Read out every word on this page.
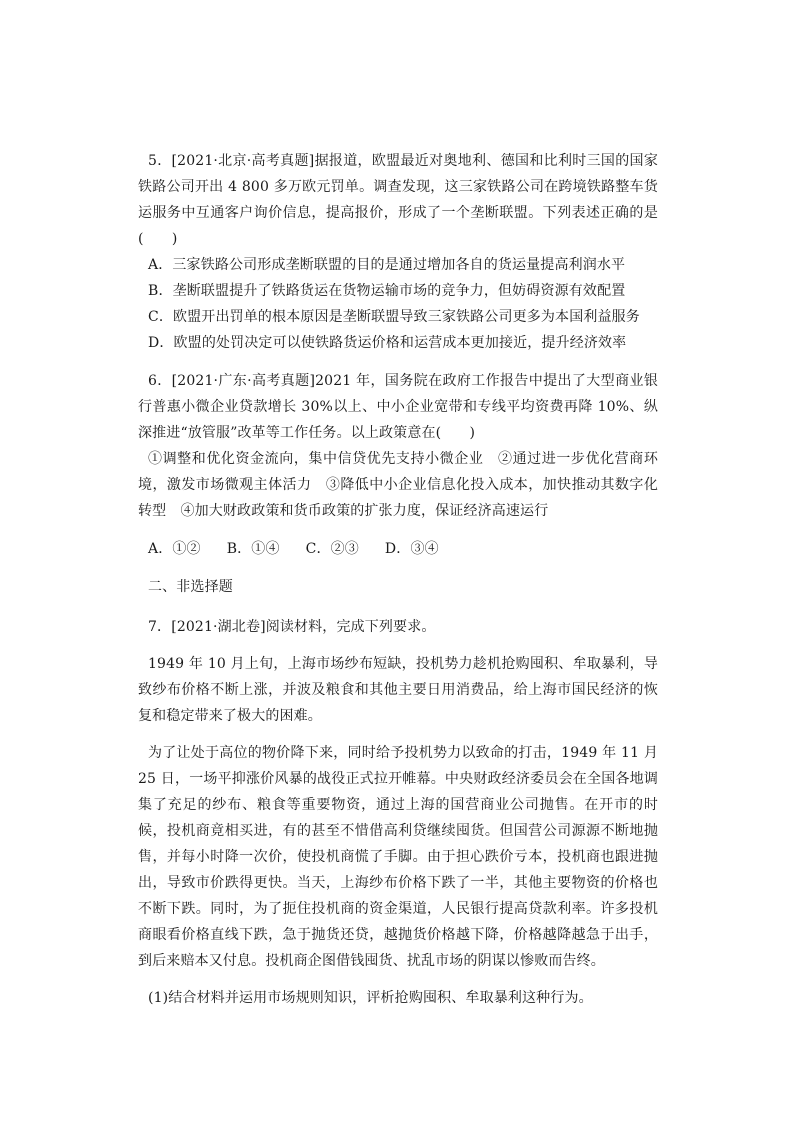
5．[2021·北京·高考真题]据报道，欧盟最近对奥地利、德国和比利时三国的国家铁路公司开出 4 800 多万欧元罚单。调查发现，这三家铁路公司在跨境铁路整车货运服务中互通客户询价信息，提高报价，形成了一个垄断联盟。下列表述正确的是(　　)

A．三家铁路公司形成垄断联盟的目的是通过增加各自的货运量提高利润水平

B．垄断联盟提升了铁路货运在货物运输市场的竞争力，但妨碍资源有效配置

C．欧盟开出罚单的根本原因是垄断联盟导致三家铁路公司更多为本国利益服务

D．欧盟的处罚决定可以使铁路货运价格和运营成本更加接近，提升经济效率

6．[2021·广东·高考真题]2021 年，国务院在政府工作报告中提出了大型商业银行普惠小微企业贷款增长 30%以上、中小企业宽带和专线平均资费再降 10%、纵深推进“放管服”改革等工作任务。以上政策意在(　　)

①调整和优化资金流向，集中信贷优先支持小微企业　②通过进一步优化营商环境，激发市场微观主体活力　③降低中小企业信息化投入成本，加快推动其数字化转型　④加大财政政策和货币政策的扩张力度，保证经济高速运行

A．①② B．①④ C．②③ D．③④

二、非选择题

7．[2021·湖北卷]阅读材料，完成下列要求。

1949 年 10 月上旬，上海市场纱布短缺，投机势力趁机抢购囤积、牟取暴利，导致纱布价格不断上涨，并波及粮食和其他主要日用消费品，给上海市国民经济的恢复和稳定带来了极大的困难。

为了让处于高位的物价降下来，同时给予投机势力以致命的打击，1949 年 11 月 25 日，一场平抑涨价风暴的战役正式拉开帷幕。中央财政经济委员会在全国各地调集了充足的纱布、粮食等重要物资，通过上海的国营商业公司抛售。在开市的时候，投机商竟相买进，有的甚至不惜借高利贷继续囤货。但国营公司源源不断地抛售，并每小时降一次价，使投机商慌了手脚。由于担心跌价亏本，投机商也跟进抛出，导致市价跌得更快。当天，上海纱布价格下跌了一半，其他主要物资的价格也不断下跌。同时，为了扼住投机商的资金渠道，人民银行提高贷款利率。许多投机商眼看价格直线下跌，急于抛货还贷，越抛货价格越下降，价格越降越急于出手，到后来赔本又付息。投机商企图借钱囤货、扰乱市场的阴谋以惨败而告终。

(1)结合材料并运用市场规则知识，评析抢购囤积、牟取暴利这种行为。
